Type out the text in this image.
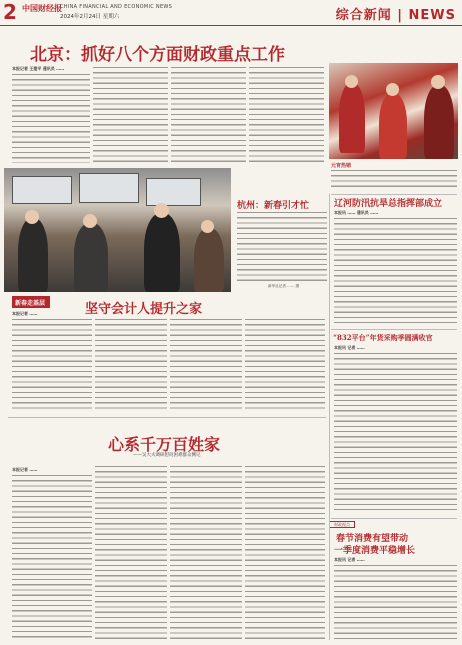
2 中国财经报
CHINA FINANCIAL AND ECONOMIC NEWS
2024年2月24日 星期六	综合新闻 | NEWS
北京：抓好八个方面财政重点工作
本报记者 王建平 通讯员 ……
元宵热销
杭州：新春引才忙
新华社记者 …… 摄
辽河防汛抗旱总指挥部成立
本报讯 …… 通讯员 ……
新春走基层	坚守会计人提升之家
本报记者 ……
“832平台”年货采购季圆满收官
本报讯 记者 ……
心系千万百姓家
——吴大夫调研慰问困难群众侧记
本报记者 ……
财政视点
春节消费有望带动
一季度消费平稳增长
本报讯 记者 ……
